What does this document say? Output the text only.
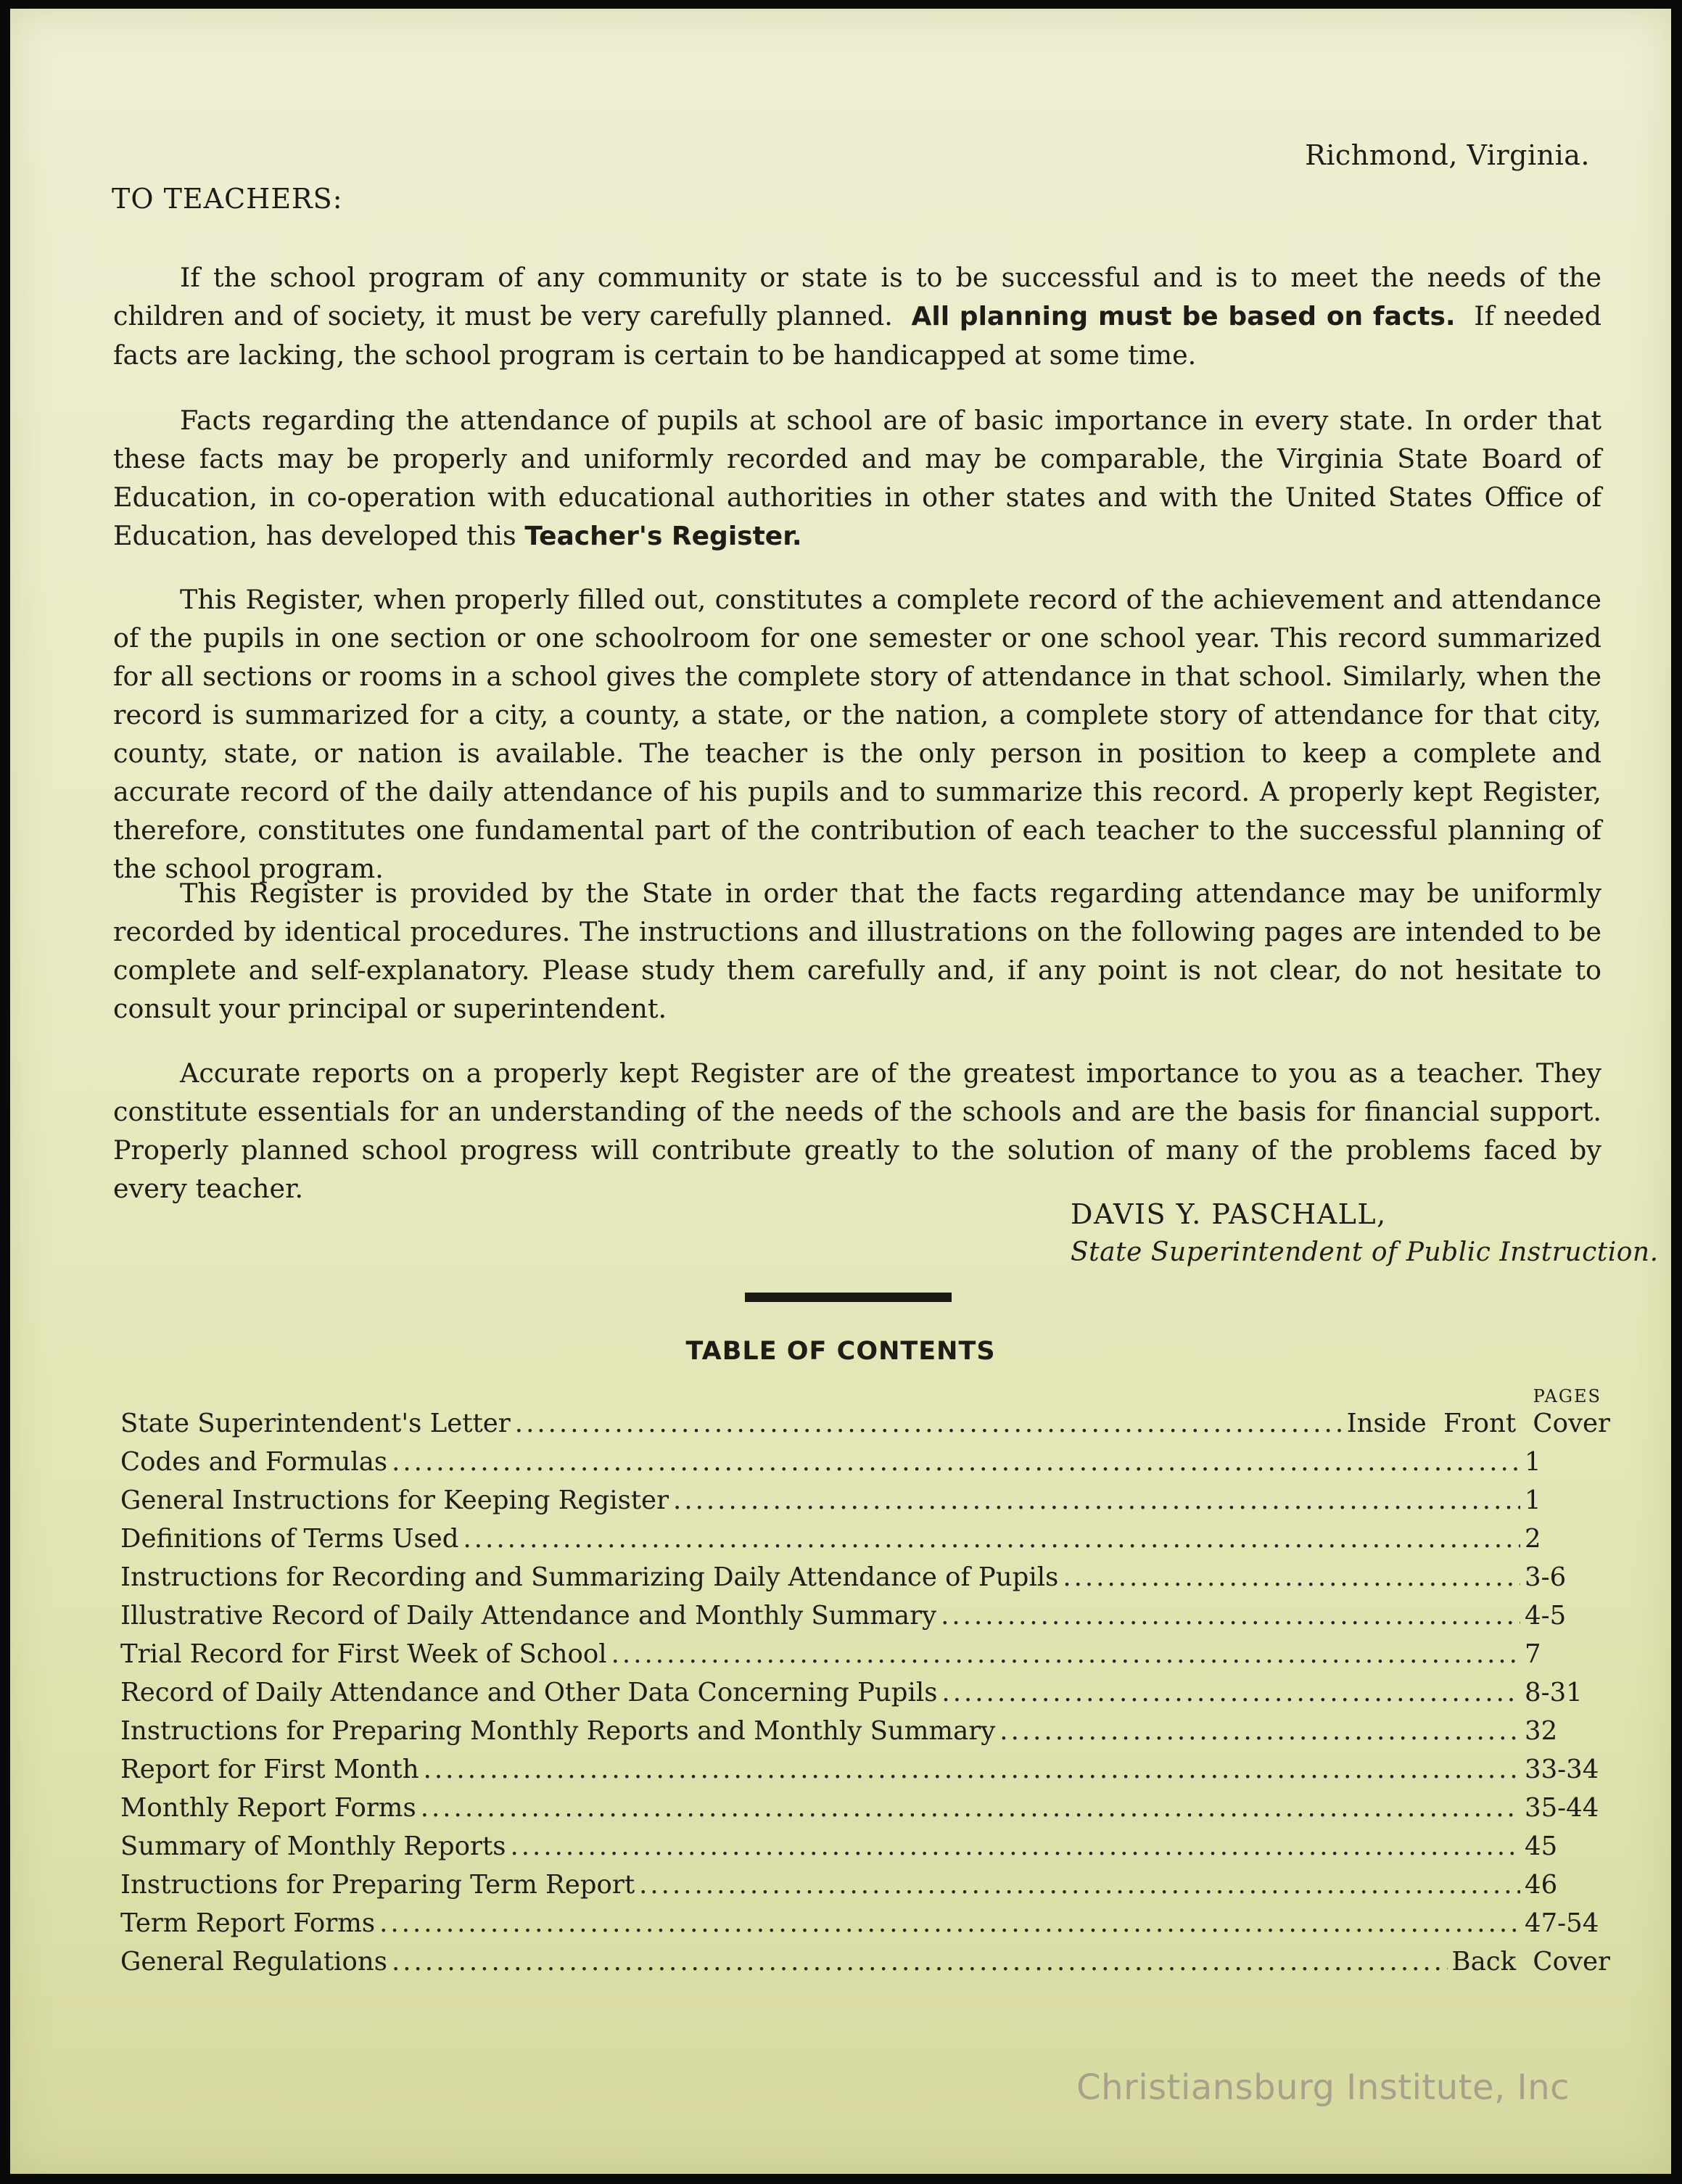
Richmond, Virginia.
TO TEACHERS:

If the school program of any community or state is to be successful and is to meet the needs of the children and of society, it must be very carefully planned. All planning must be based on facts. If needed facts are lacking, the school program is certain to be handicapped at some time.

Facts regarding the attendance of pupils at school are of basic importance in every state. In order that these facts may be properly and uniformly recorded and may be comparable, the Virginia State Board of Education, in co-operation with educational authorities in other states and with the United States Office of Education, has developed this Teacher's Register.

This Register, when properly filled out, constitutes a complete record of the achievement and attendance of the pupils in one section or one schoolroom for one semester or one school year. This record summarized for all sections or rooms in a school gives the complete story of attendance in that school. Similarly, when the record is summarized for a city, a county, a state, or the nation, a complete story of attendance for that city, county, state, or nation is available. The teacher is the only person in position to keep a complete and accurate record of the daily attendance of his pupils and to summarize this record. A properly kept Register, therefore, constitutes one fundamental part of the contribution of each teacher to the successful planning of the school program.

This Register is provided by the State in order that the facts regarding attendance may be uniformly recorded by identical procedures. The instructions and illustrations on the following pages are intended to be complete and self-explanatory. Please study them carefully and, if any point is not clear, do not hesitate to consult your principal or superintendent.

Accurate reports on a properly kept Register are of the greatest importance to you as a teacher. They constitute essentials for an understanding of the needs of the schools and are the basis for financial support. Properly planned school progress will contribute greatly to the solution of many of the problems faced by every teacher.

DAVIS Y. PASCHALL,
State Superintendent of Public Instruction.
TABLE OF CONTENTS
PAGES
State Superintendent's Letter .....	Inside Front Cover
Codes and Formulas .....	1
General Instructions for Keeping Register .....	1
Definitions of Terms Used .....	2
Instructions for Recording and Summarizing Daily Attendance of Pupils .....	3-6
Illustrative Record of Daily Attendance and Monthly Summary .....	4-5
Trial Record for First Week of School .....	7
Record of Daily Attendance and Other Data Concerning Pupils .....	8-31
Instructions for Preparing Monthly Reports and Monthly Summary .....	32
Report for First Month .....	33-34
Monthly Report Forms .....	35-44
Summary of Monthly Reports .....	45
Instructions for Preparing Term Report .....	46
Term Report Forms .....	47-54
General Regulations .....	Back Cover
Christiansburg Institute, Inc
